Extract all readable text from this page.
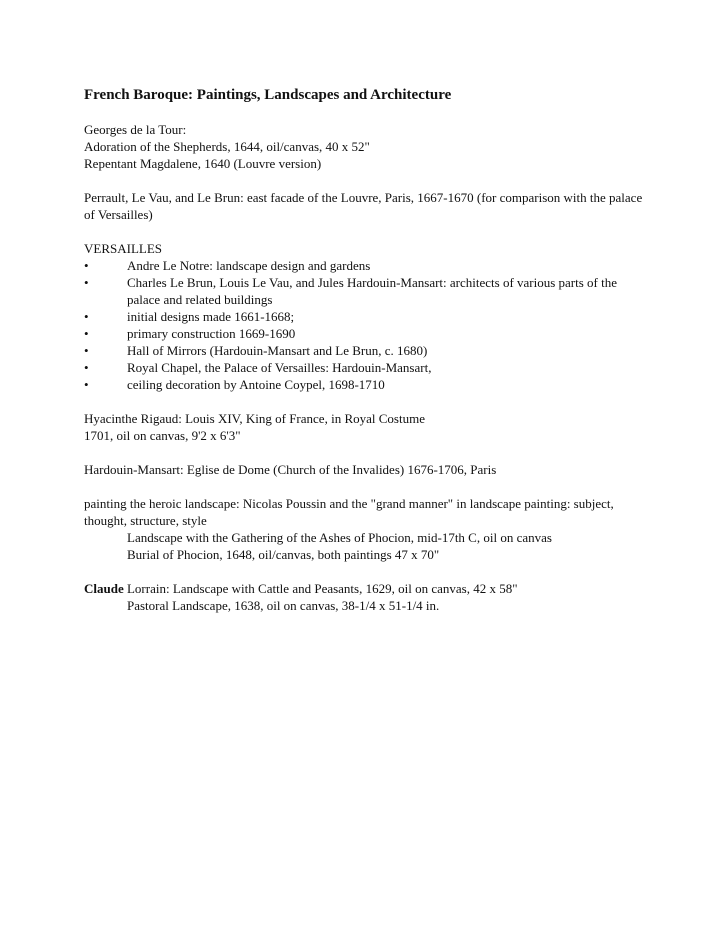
French Baroque: Paintings, Landscapes and Architecture
Georges de la Tour:
Adoration of the Shepherds, 1644, oil/canvas, 40 x 52"
Repentant Magdalene, 1640 (Louvre version)
Perrault, Le Vau, and Le Brun: east facade of the Louvre, Paris, 1667-1670 (for comparison with the palace of Versailles)
VERSAILLES
•	Andre Le Notre: landscape design and gardens
•	Charles Le Brun, Louis Le Vau, and Jules Hardouin-Mansart: architects of various parts of the palace and related buildings
•	initial designs made 1661-1668;
•	primary construction 1669-1690
•	Hall of Mirrors (Hardouin-Mansart and Le Brun, c. 1680)
•	Royal Chapel, the Palace of Versailles: Hardouin-Mansart,
•	ceiling decoration by Antoine Coypel, 1698-1710
Hyacinthe Rigaud: Louis XIV, King of France, in Royal Costume
1701, oil on canvas, 9'2 x 6'3"
Hardouin-Mansart: Eglise de Dome (Church of the Invalides) 1676-1706, Paris
painting the heroic landscape: Nicolas Poussin and the "grand manner" in landscape painting: subject, thought, structure, style
Landscape with the Gathering of the Ashes of Phocion, mid-17th C, oil on canvas
Burial of Phocion, 1648, oil/canvas, both paintings 47 x 70"
Claude Lorrain: Landscape with Cattle and Peasants, 1629, oil on canvas, 42 x 58"
Pastoral Landscape, 1638, oil on canvas, 38-1/4 x 51-1/4 in.
